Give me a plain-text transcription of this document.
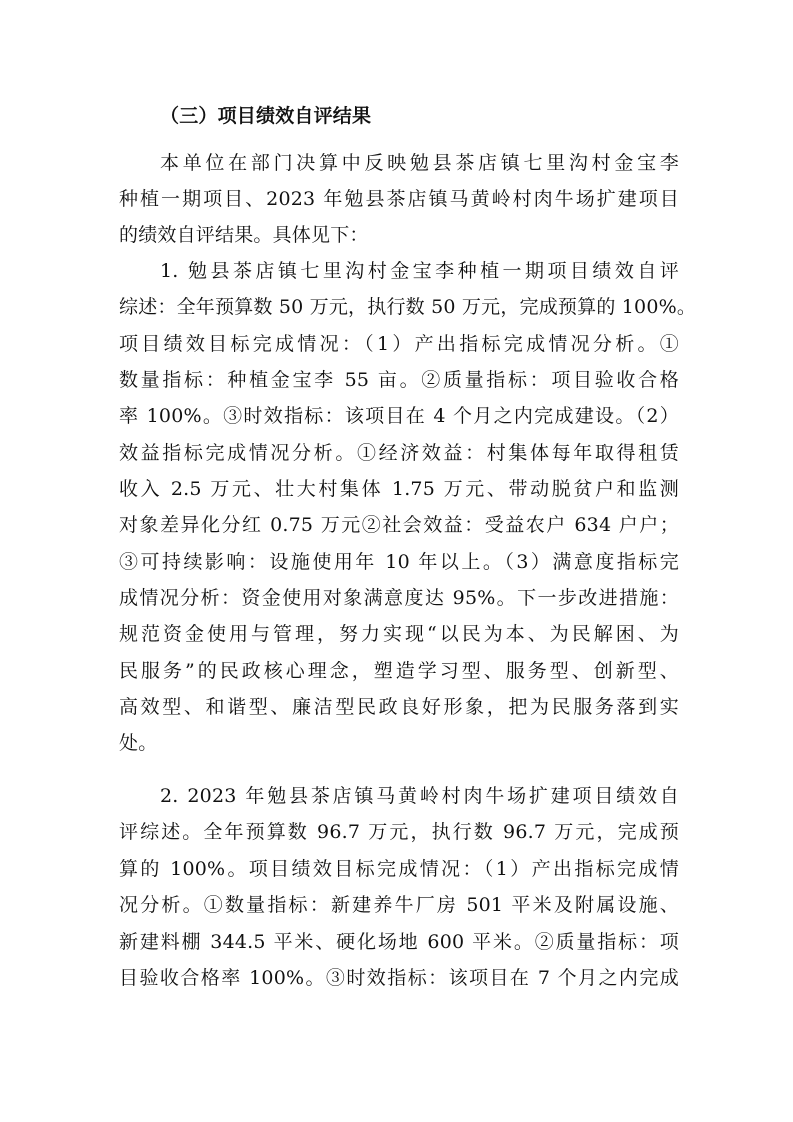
（三）项目绩效自评结果
本单位在部门决算中反映勉县茶店镇七里沟村金宝李
种植一期项目、2023 年勉县茶店镇马黄岭村肉牛场扩建项目
的绩效自评结果。具体见下：
1. 勉县茶店镇七里沟村金宝李种植一期项目绩效自评
综述：全年预算数 50 万元，执行数 50 万元，完成预算的 100%。
项目绩效目标完成情况：（1）产出指标完成情况分析。①
数量指标：种植金宝李 55 亩。②质量指标：项目验收合格
率 100%。③时效指标：该项目在 4 个月之内完成建设。（2）
效益指标完成情况分析。①经济效益：村集体每年取得租赁
收入 2.5 万元、壮大村集体 1.75 万元、带动脱贫户和监测
对象差异化分红 0.75 万元②社会效益：受益农户 634 户户；
③可持续影响：设施使用年 10 年以上。（3）满意度指标完
成情况分析：资金使用对象满意度达 95%。下一步改进措施：
规范资金使用与管理，努力实现“以民为本、为民解困、为
民服务”的民政核心理念，塑造学习型、服务型、创新型、
高效型、和谐型、廉洁型民政良好形象，把为民服务落到实
处。
2. 2023 年勉县茶店镇马黄岭村肉牛场扩建项目绩效自
评综述。全年预算数 96.7 万元，执行数 96.7 万元，完成预
算的 100%。项目绩效目标完成情况：（1）产出指标完成情
况分析。①数量指标：新建养牛厂房 501 平米及附属设施、
新建料棚 344.5 平米、硬化场地 600 平米。②质量指标：项
目验收合格率 100%。③时效指标：该项目在 7 个月之内完成
